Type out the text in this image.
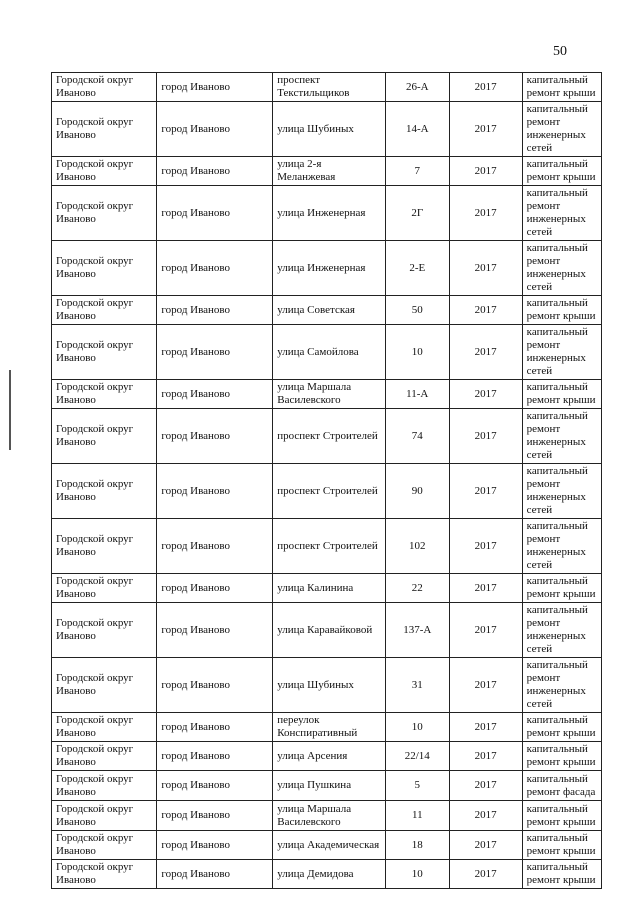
50
Городской округ Иваново	город Иваново	проспект Текстильщиков	26-А	2017	капитальный ремонт крыши
Городской округ Иваново	город Иваново	улица Шубиных	14-А	2017	капитальный ремонт инженерных сетей
Городской округ Иваново	город Иваново	улица 2-я Меланжевая	7	2017	капитальный ремонт крыши
Городской округ Иваново	город Иваново	улица Инженерная	2Г	2017	капитальный ремонт инженерных сетей
Городской округ Иваново	город Иваново	улица Инженерная	2-Е	2017	капитальный ремонт инженерных сетей
Городской округ Иваново	город Иваново	улица Советская	50	2017	капитальный ремонт крыши
Городской округ Иваново	город Иваново	улица Самойлова	10	2017	капитальный ремонт инженерных сетей
Городской округ Иваново	город Иваново	улица Маршала Василевского	11-А	2017	капитальный ремонт крыши
Городской округ Иваново	город Иваново	проспект Строителей	74	2017	капитальный ремонт инженерных сетей
Городской округ Иваново	город Иваново	проспект Строителей	90	2017	капитальный ремонт инженерных сетей
Городской округ Иваново	город Иваново	проспект Строителей	102	2017	капитальный ремонт инженерных сетей
Городской округ Иваново	город Иваново	улица Калинина	22	2017	капитальный ремонт крыши
Городской округ Иваново	город Иваново	улица Каравайковой	137-А	2017	капитальный ремонт инженерных сетей
Городской округ Иваново	город Иваново	улица Шубиных	31	2017	капитальный ремонт инженерных сетей
Городской округ Иваново	город Иваново	переулок Конспиративный	10	2017	капитальный ремонт крыши
Городской округ Иваново	город Иваново	улица Арсения	22/14	2017	капитальный ремонт крыши
Городской округ Иваново	город Иваново	улица Пушкина	5	2017	капитальный ремонт фасада
Городской округ Иваново	город Иваново	улица Маршала Василевского	11	2017	капитальный ремонт крыши
Городской округ Иваново	город Иваново	улица Академическая	18	2017	капитальный ремонт крыши
Городской округ Иваново	город Иваново	улица Демидова	10	2017	капитальный ремонт крыши
